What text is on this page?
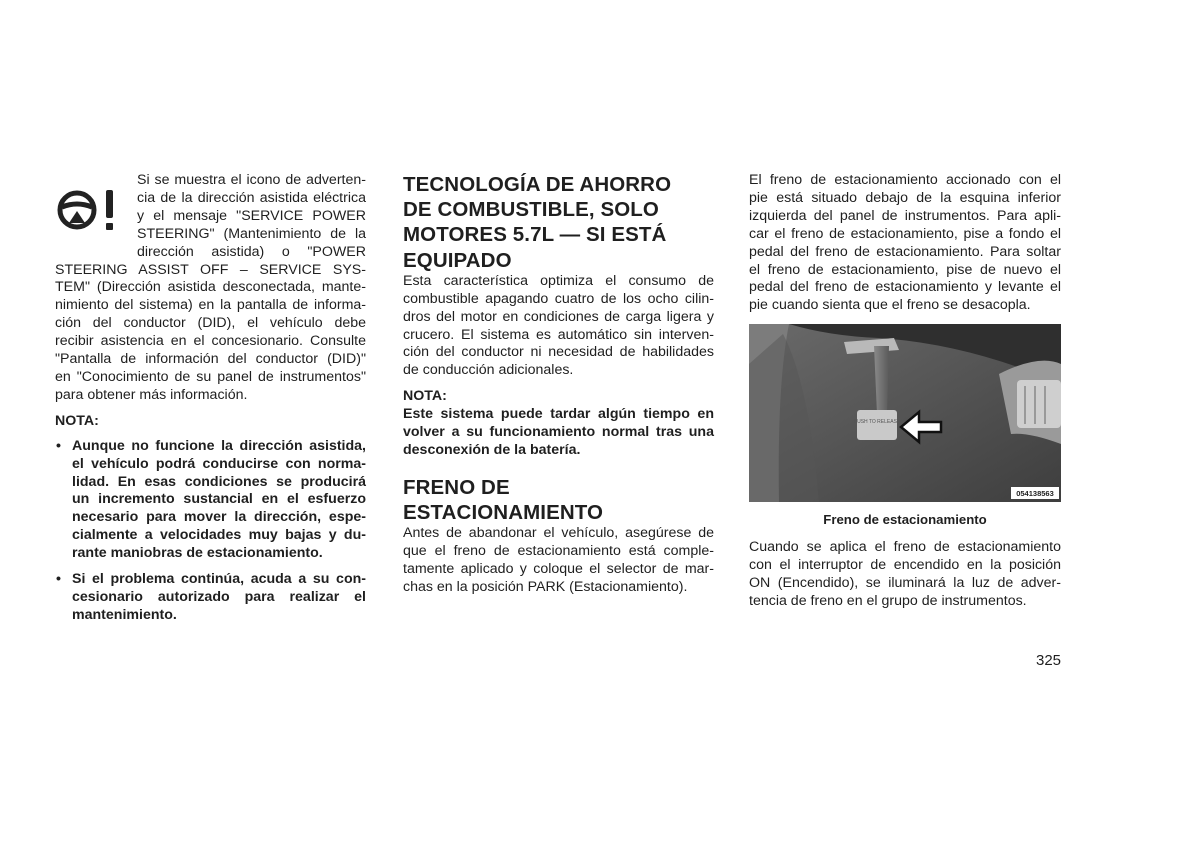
Si se muestra el icono de adverten-
cia de la dirección asistida eléctrica
y el mensaje "SERVICE POWER
STEERING" (Mantenimiento de la
dirección asistida) o "POWER
STEERING ASSIST OFF – SERVICE SYS-
TEM" (Dirección asistida desconectada, mante-
nimiento del sistema) en la pantalla de informa-
ción del conductor (DID), el vehículo debe
recibir asistencia en el concesionario. Consulte
"Pantalla de información del conductor (DID)"
en "Conocimiento de su panel de instrumentos"
para obtener más información.
NOTA:
• Aunque no funcione la dirección asistida,
el vehículo podrá conducirse con norma-
lidad. En esas condiciones se producirá
un incremento sustancial en el esfuerzo
necesario para mover la dirección, espe-
cialmente a velocidades muy bajas y du-
rante maniobras de estacionamiento.
• Si el problema continúa, acuda a su con-
cesionario autorizado para realizar el
mantenimiento.
TECNOLOGÍA DE AHORRO
DE COMBUSTIBLE, SOLO
MOTORES 5.7L — SI ESTÁ
EQUIPADO
Esta característica optimiza el consumo de
combustible apagando cuatro de los ocho cilin-
dros del motor en condiciones de carga ligera y
crucero. El sistema es automático sin interven-
ción del conductor ni necesidad de habilidades
de conducción adicionales.
NOTA:
Este sistema puede tardar algún tiempo en
volver a su funcionamiento normal tras una
desconexión de la batería.
FRENO DE
ESTACIONAMIENTO
Antes de abandonar el vehículo, asegúrese de
que el freno de estacionamiento está comple-
tamente aplicado y coloque el selector de mar-
chas en la posición PARK (Estacionamiento).
El freno de estacionamiento accionado con el
pie está situado debajo de la esquina inferior
izquierda del panel de instrumentos. Para apli-
car el freno de estacionamiento, pise a fondo el
pedal del freno de estacionamiento. Para soltar
el freno de estacionamiento, pise de nuevo el
pedal del freno de estacionamiento y levante el
pie cuando sienta que el freno se desacopla.
PUSH TO RELEASE
054138563
Freno de estacionamiento
Cuando se aplica el freno de estacionamiento
con el interruptor de encendido en la posición
ON (Encendido), se iluminará la luz de adver-
tencia de freno en el grupo de instrumentos.
325
